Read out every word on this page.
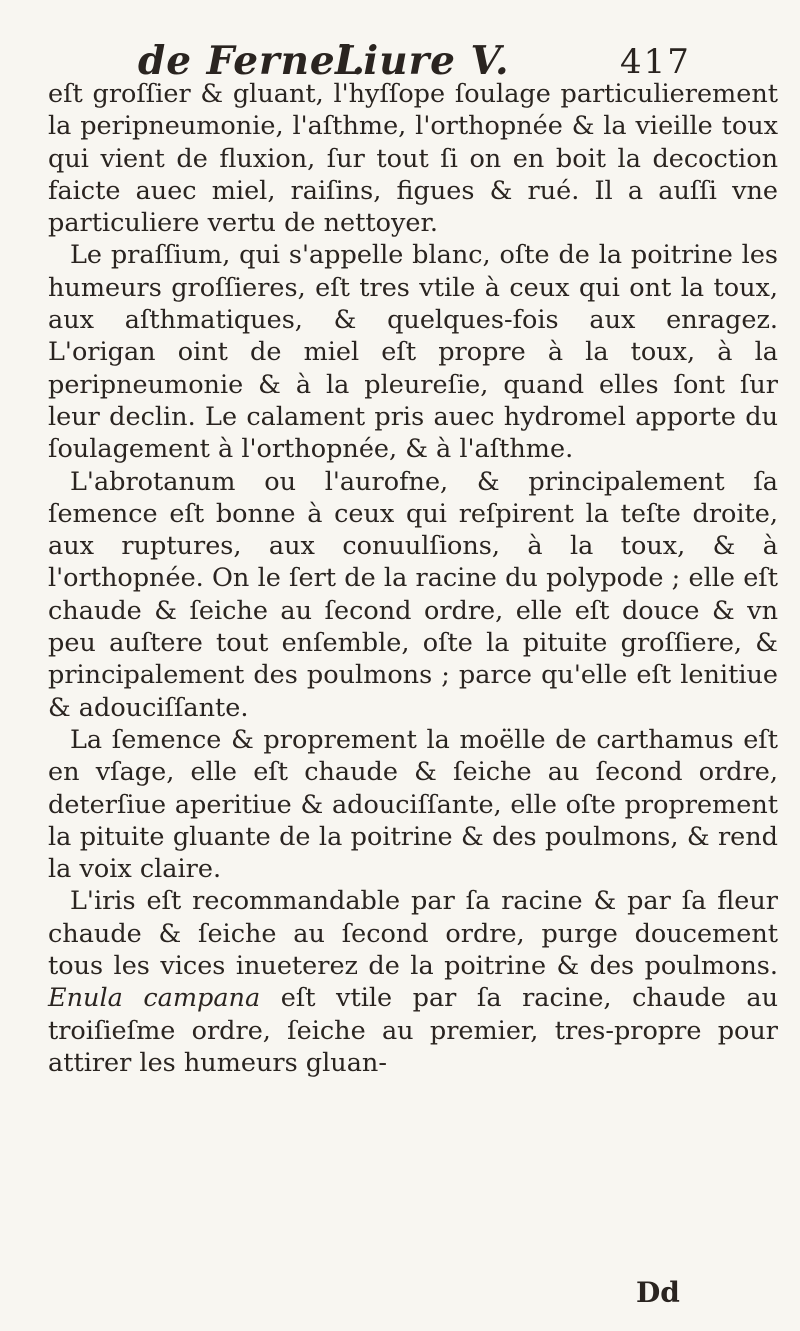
de Fernel.
Liure V.	417

eſt groſſier & gluant, l'hyſſope ſoulage particulierement la peripneumonie, l'aſthme, l'orthopnée & la vieille toux qui vient de fluxion, ſur tout ſi on en boit la decoction faicte auec miel, raiſins, figues & rué. Il a auſſi vne particuliere vertu de nettoyer.

Le praſſium, qui s'appelle blanc, oſte de la poitrine les humeurs groſſieres, eſt tres vtile à ceux qui ont la toux, aux aſthmatiques, & quelques-fois aux enragez. L'origan oint de miel eſt propre à la toux, à la peripneumonie & à la pleureſie, quand elles ſont ſur leur declin. Le calament pris auec hydromel apporte du ſoulagement à l'orthopnée, & à l'aſthme.

L'abrotanum ou l'aurofne, & principalement ſa ſemence eſt bonne à ceux qui reſpirent la teſte droite, aux ruptures, aux conuulſions, à la toux, & à l'orthopnée. On le ſert de la racine du polypode ; elle eſt chaude & ſeiche au ſecond ordre, elle eſt douce & vn peu auſtere tout enſemble, oſte la pituite groſſiere, & principalement des poulmons ; parce qu'elle eſt lenitiue & adouciſſante.

La ſemence & proprement la moëlle de carthamus eſt en vſage, elle eſt chaude & ſeiche au ſecond ordre, deterſiue aperitiue & adouciſſante, elle oſte proprement la pituite gluante de la poitrine & des poulmons, & rend la voix claire.

L'iris eſt recommandable par ſa racine & par ſa fleur chaude & ſeiche au ſecond ordre, purge doucement tous les vices inueterez de la poitrine & des poulmons. Enula campana eſt vtile par ſa racine, chaude au troiſieſme ordre, ſeiche au premier, tres-propre pour attirer les humeurs gluan-

Dd
